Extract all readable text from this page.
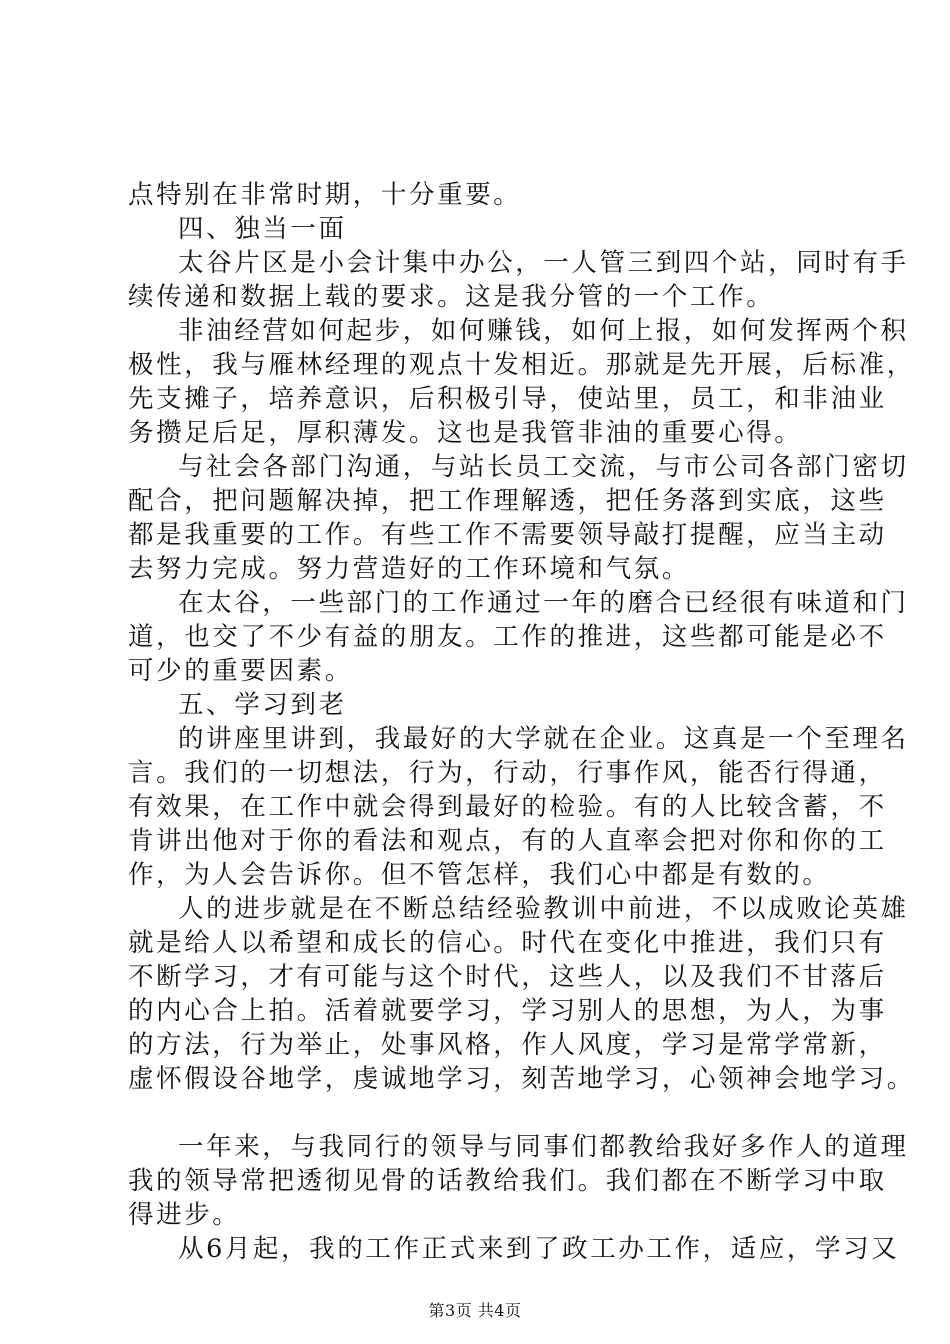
点特别在非常时期，十分重要。
四、独当一面
太谷片区是小会计集中办公，一人管三到四个站，同时有手
续传递和数据上载的要求。这是我分管的一个工作。
非油经营如何起步，如何赚钱，如何上报，如何发挥两个积
极性，我与雁林经理的观点十发相近。那就是先开展，后标准，
先支摊子，培养意识，后积极引导，使站里，员工，和非油业
务攒足后足，厚积薄发。这也是我管非油的重要心得。
与社会各部门沟通，与站长员工交流，与市公司各部门密切
配合，把问题解决掉，把工作理解透，把任务落到实底，这些
都是我重要的工作。有些工作不需要领导敲打提醒，应当主动
去努力完成。努力营造好的工作环境和气氛。
在太谷，一些部门的工作通过一年的磨合已经很有味道和门
道，也交了不少有益的朋友。工作的推进，这些都可能是必不
可少的重要因素。
五、学习到老
的讲座里讲到，我最好的大学就在企业。这真是一个至理名
言。我们的一切想法，行为，行动，行事作风，能否行得通，
有效果，在工作中就会得到最好的检验。有的人比较含蓄，不
肯讲出他对于你的看法和观点，有的人直率会把对你和你的工
作，为人会告诉你。但不管怎样，我们心中都是有数的。
人的进步就是在不断总结经验教训中前进，不以成败论英雄
就是给人以希望和成长的信心。时代在变化中推进，我们只有
不断学习，才有可能与这个时代，这些人，以及我们不甘落后
的内心合上拍。活着就要学习，学习别人的思想，为人，为事
的方法，行为举止，处事风格，作人风度，学习是常学常新，
虚怀假设谷地学，虔诚地学习，刻苦地学习，心领神会地学习。
一年来，与我同行的领导与同事们都教给我好多作人的道理
我的领导常把透彻见骨的话教给我们。我们都在不断学习中取
得进步。
从6月起，我的工作正式来到了政工办工作，适应，学习又
第3页 共4页
